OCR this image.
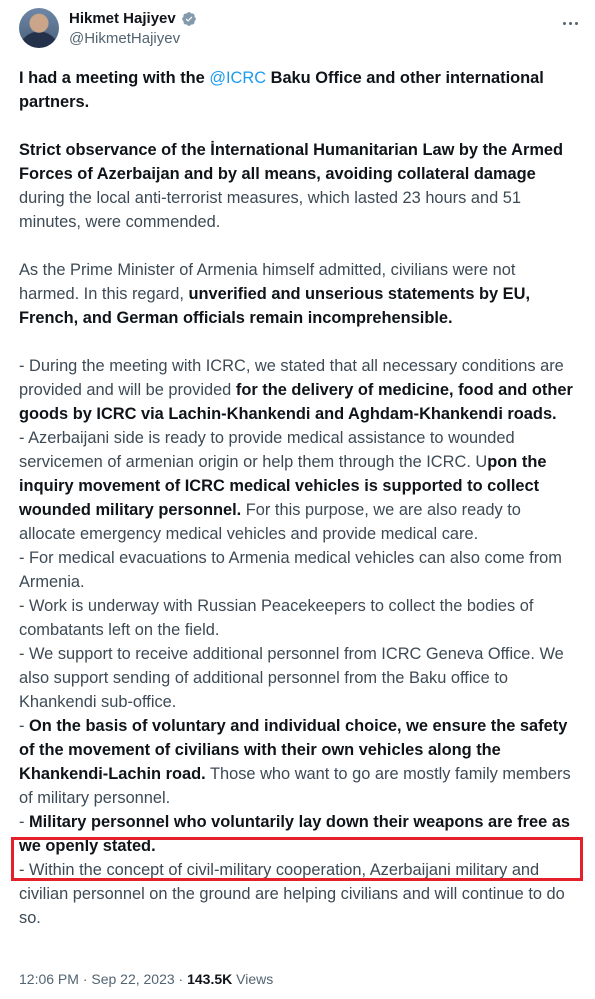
Hikmet Hajiyev
@HikmetHajiyev

I had a meeting with the @ICRC Baku Office and other international partners.

Strict observance of the İnternational Humanitarian Law by the Armed Forces of Azerbaijan and by all means, avoiding collateral damage during the local anti-terrorist measures, which lasted 23 hours and 51 minutes, were commended.

As the Prime Minister of Armenia himself admitted, civilians were not harmed. In this regard, unverified and unserious statements by EU, French, and German officials remain incomprehensible.

- During the meeting with ICRC, we stated that all necessary conditions are provided and will be provided for the delivery of medicine, food and other goods by ICRC via Lachin-Khankendi and Aghdam-Khankendi roads.
- Azerbaijani side is ready to provide medical assistance to wounded servicemen of armenian origin or help them through the ICRC. Upon the inquiry movement of ICRC medical vehicles is supported to collect wounded military personnel. For this purpose, we are also ready to allocate emergency medical vehicles and provide medical care.
- For medical evacuations to Armenia medical vehicles can also come from Armenia.
- Work is underway with Russian Peacekeepers to collect the bodies of combatants left on the field.
- We support to receive additional personnel from ICRC Geneva Office. We also support sending of additional personnel from the Baku office to Khankendi sub-office.
- On the basis of voluntary and individual choice, we ensure the safety of the movement of civilians with their own vehicles along the Khankendi-Lachin road. Those who want to go are mostly family members of military personnel.
- Military personnel who voluntarily lay down their weapons are free as we openly stated.
- Within the concept of civil-military cooperation, Azerbaijani military and civilian personnel on the ground are helping civilians and will continue to do so.
12:06 PM · Sep 22, 2023 · 143.5K Views
